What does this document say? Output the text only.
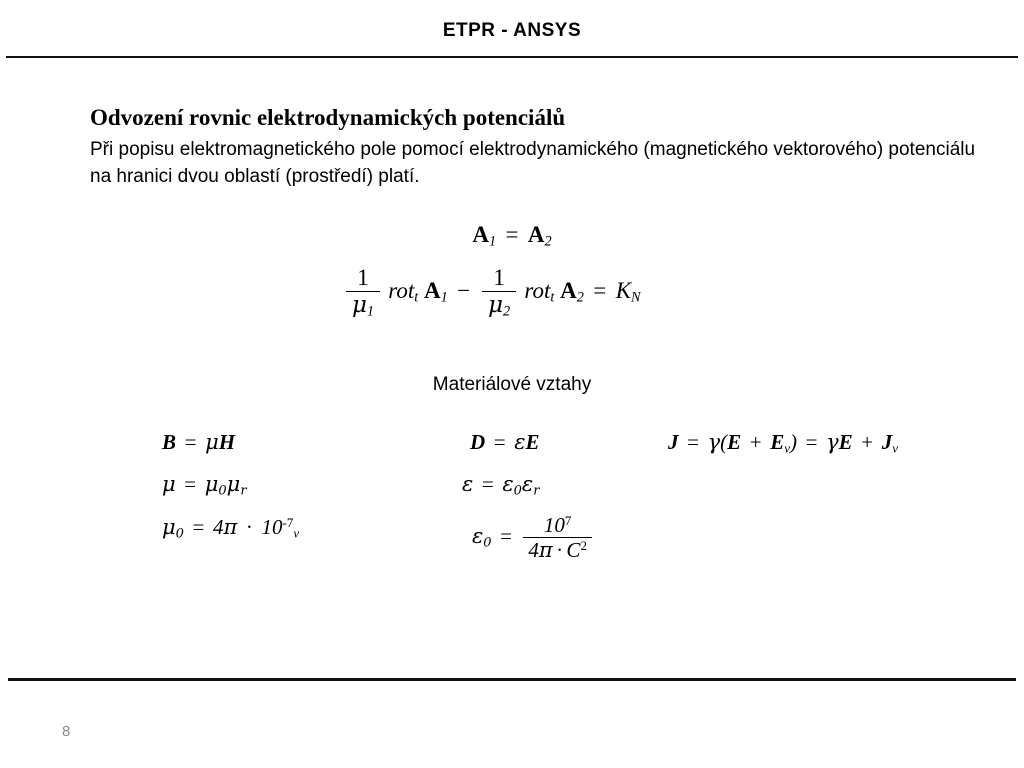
ETPR - ANSYS
Odvození rovnic elektrodynamických potenciálů

Při popisu elektromagnetického pole pomocí elektrodynamického (magnetického vektorového) potenciálu na hranici dvou oblastí (prostředí) platí.

$A_1 = A_2$
$\frac{1}{\mu_1} rot_t$ $A_1 - \frac{1}{\mu_2} rot_t$ $A_2 = K_N$
Materiálové vztahy
B = μH
$\mu = \mu_0\mu_r$
$\mu_0 = 4\pi \cdot 10^{-7}_v$
D = εE
$\varepsilon = \varepsilon_0\varepsilon_r$
$\varepsilon_0 = \frac{10^7}{4\pi \cdot C^2}$
$J = \gamma(E + E_v) = \gamma E + J_v$
8
